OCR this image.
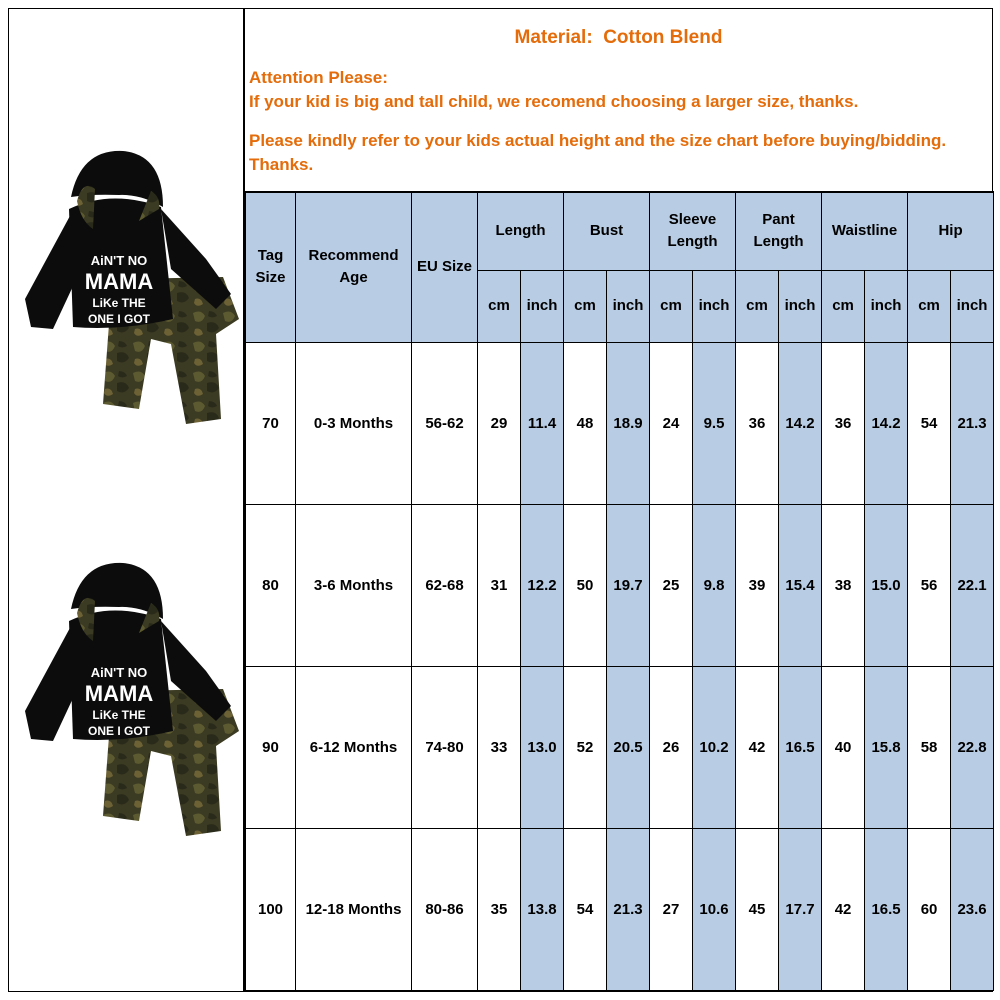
AiN'T NO
MAMA
LiKe THE
ONE I GOT
AiN'T NO
MAMA
LiKe THE
ONE I GOT
Material:  Cotton Blend
Attention Please:
If your kid is big and tall child, we recomend choosing a larger size, thanks.
Please kindly refer to your kids actual height and the size chart before buying/bidding. Thanks.
Tag Size	Recommend Age	EU Size	Length		Bust		Sleeve Length		Pant Length		Waistline		Hip	
			cm	inch	cm	inch	cm	inch	cm	inch	cm	inch	cm	inch
70	0-3 Months	56-62	29	11.4	48	18.9	24	9.5	36	14.2	36	14.2	54	21.3
80	3-6 Months	62-68	31	12.2	50	19.7	25	9.8	39	15.4	38	15.0	56	22.1
90	6-12 Months	74-80	33	13.0	52	20.5	26	10.2	42	16.5	40	15.8	58	22.8
100	12-18 Months	80-86	35	13.8	54	21.3	27	10.6	45	17.7	42	16.5	60	23.6
